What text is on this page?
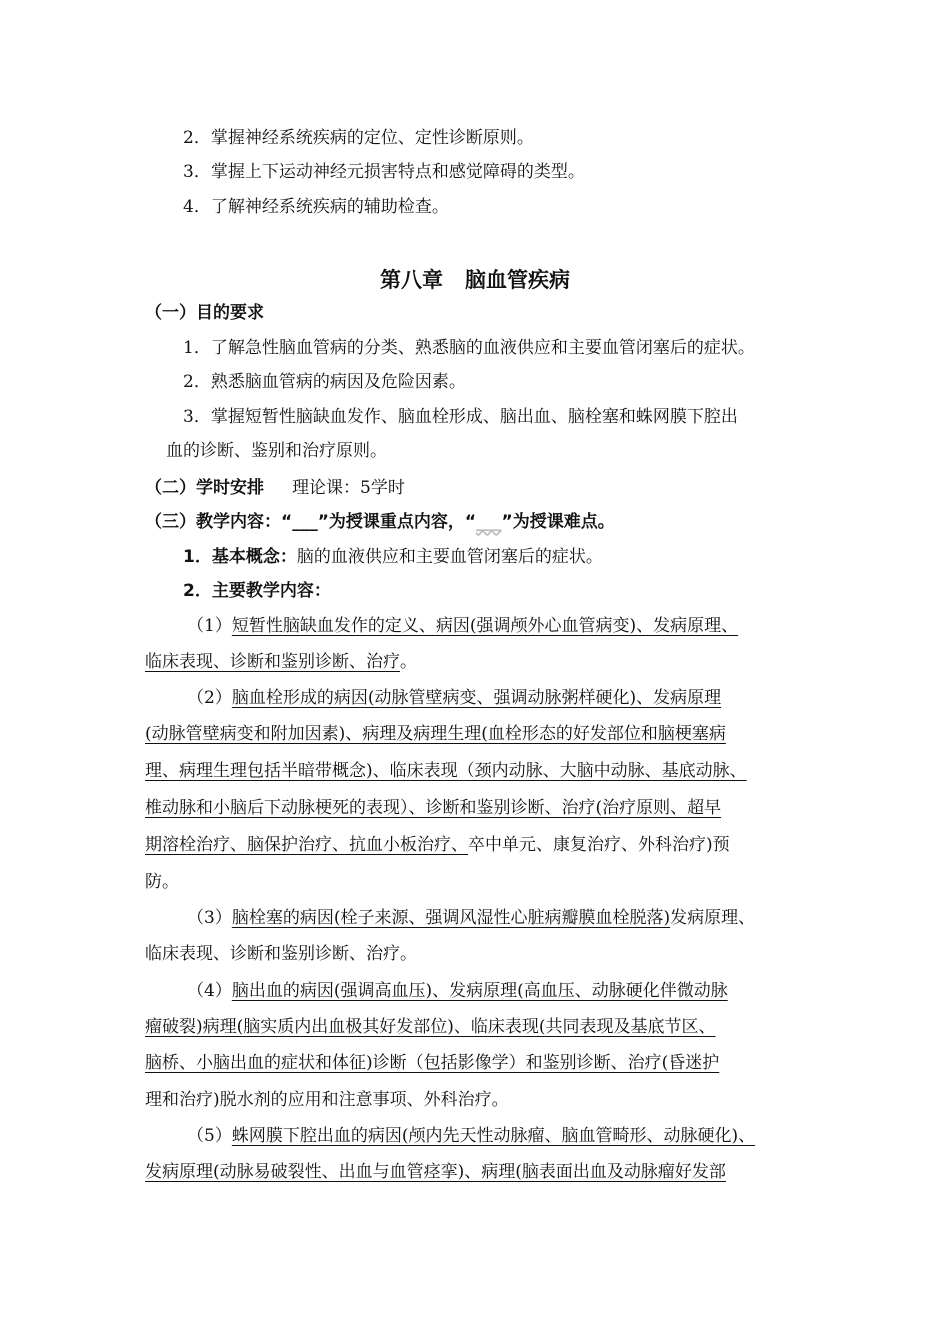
2．掌握神经系统疾病的定位、定性诊断原则。
3．掌握上下运动神经元损害特点和感觉障碍的类型。
4．了解神经系统疾病的辅助检查。
第八章 脑血管疾病
（一）目的要求
1．了解急性脑血管病的分类、熟悉脑的血液供应和主要血管闭塞后的症状。
2．熟悉脑血管病的病因及危险因素。
3．掌握短暂性脑缺血发作、脑血栓形成、脑出血、脑栓塞和蛛网膜下腔出
血的诊断、鉴别和治疗原则。
（二）学时安排 理论课：5学时
（三）教学内容：“___”为授课重点内容，“___”为授课难点。
1．基本概念：脑的血液供应和主要血管闭塞后的症状。
2．主要教学内容：
（1）短暂性脑缺血发作的定义、病因(强调颅外心血管病变)、发病原理、
临床表现、诊断和鉴别诊断、治疗。
（2）脑血栓形成的病因(动脉管壁病变、强调动脉粥样硬化)、发病原理
(动脉管壁病变和附加因素)、病理及病理生理(血栓形态的好发部位和脑梗塞病
理、病理生理包括半暗带概念)、临床表现（颈内动脉、大脑中动脉、基底动脉、
椎动脉和小脑后下动脉梗死的表现）、诊断和鉴别诊断、治疗(治疗原则、超早
期溶栓治疗、脑保护治疗、抗血小板治疗、卒中单元、康复治疗、外科治疗)预
防。
（3）脑栓塞的病因(栓子来源、强调风湿性心脏病瓣膜血栓脱落)发病原理、
临床表现、诊断和鉴别诊断、治疗。
（4）脑出血的病因(强调高血压)、发病原理(高血压、动脉硬化伴微动脉
瘤破裂)病理(脑实质内出血极其好发部位)、临床表现(共同表现及基底节区、
脑桥、小脑出血的症状和体征)诊断（包括影像学）和鉴别诊断、治疗(昏迷护
理和治疗)脱水剂的应用和注意事项、外科治疗。
（5）蛛网膜下腔出血的病因(颅内先天性动脉瘤、脑血管畸形、动脉硬化)、
发病原理(动脉易破裂性、出血与血管痉挛)、病理(脑表面出血及动脉瘤好发部
